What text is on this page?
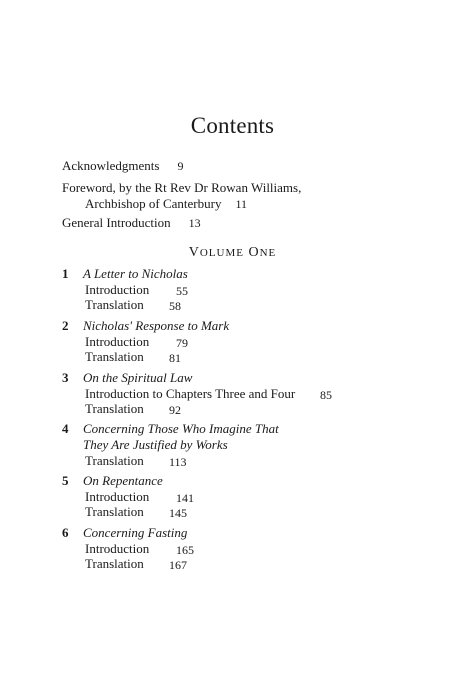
Contents
Acknowledgments 9
Foreword, by the Rt Rev Dr Rowan Williams,
Archbishop of Canterbury 11
General Introduction 13
VOLUME ONE
1 A Letter to Nicholas
Introduction 55
Translation 58
2 Nicholas' Response to Mark
Introduction 79
Translation 81
3 On the Spiritual Law
Introduction to Chapters Three and Four 85
Translation 92
4 Concerning Those Who Imagine That
They Are Justified by Works
Translation 113
5 On Repentance
Introduction 141
Translation 145
6 Concerning Fasting
Introduction 165
Translation 167
